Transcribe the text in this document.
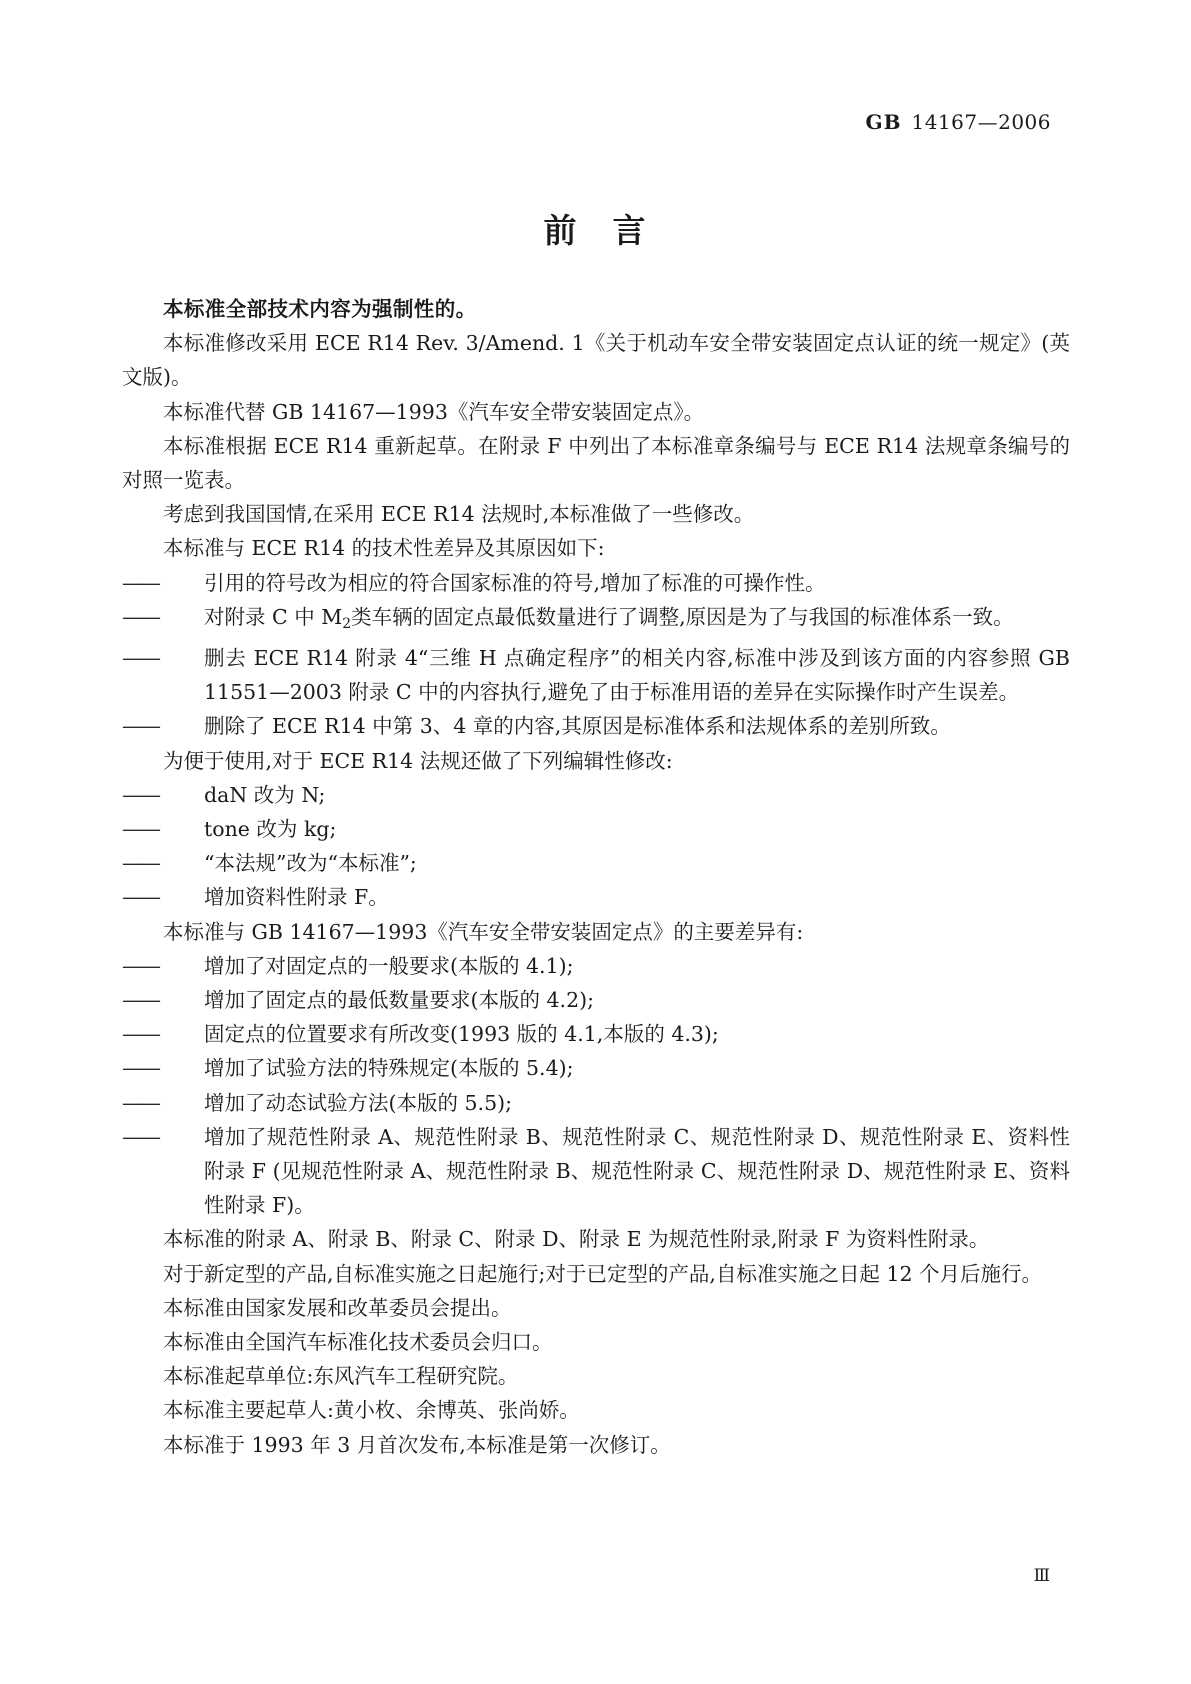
GB 14167—2006
前 言

本标准全部技术内容为强制性的。

本标准修改采用 ECE R14 Rev. 3/Amend. 1《关于机动车安全带安装固定点认证的统一规定》(英文版)。

本标准代替 GB 14167—1993《汽车安全带安装固定点》。

本标准根据 ECE R14 重新起草。在附录 F 中列出了本标准章条编号与 ECE R14 法规章条编号的对照一览表。

考虑到我国国情,在采用 ECE R14 法规时,本标准做了一些修改。

本标准与 ECE R14 的技术性差异及其原因如下:

——	引用的符号改为相应的符合国家标准的符号,增加了标准的可操作性。

——	对附录 C 中 $M_2$类车辆的固定点最低数量进行了调整,原因是为了与我国的标准体系一致。

——	删去 ECE R14 附录 4“三维 H 点确定程序”的相关内容,标准中涉及到该方面的内容参照 GB 11551—2003 附录 C 中的内容执行,避免了由于标准用语的差异在实际操作时产生误差。

——	删除了 ECE R14 中第 3、4 章的内容,其原因是标准体系和法规体系的差别所致。

为便于使用,对于 ECE R14 法规还做了下列编辑性修改:

——	daN 改为 N;

——	tone 改为 kg;

——	“本法规”改为“本标准”;

——	增加资料性附录 F。

本标准与 GB 14167—1993《汽车安全带安装固定点》的主要差异有:

——	增加了对固定点的一般要求(本版的 4.1);

——	增加了固定点的最低数量要求(本版的 4.2);

——	固定点的位置要求有所改变(1993 版的 4.1,本版的 4.3);

——	增加了试验方法的特殊规定(本版的 5.4);

——	增加了动态试验方法(本版的 5.5);

——	增加了规范性附录 A、规范性附录 B、规范性附录 C、规范性附录 D、规范性附录 E、资料性附录 F (见规范性附录 A、规范性附录 B、规范性附录 C、规范性附录 D、规范性附录 E、资料性附录 F)。

本标准的附录 A、附录 B、附录 C、附录 D、附录 E 为规范性附录,附录 F 为资料性附录。

对于新定型的产品,自标准实施之日起施行;对于已定型的产品,自标准实施之日起 12 个月后施行。

本标准由国家发展和改革委员会提出。

本标准由全国汽车标准化技术委员会归口。

本标准起草单位:东风汽车工程研究院。

本标准主要起草人:黄小枚、余博英、张尚娇。

本标准于 1993 年 3 月首次发布,本标准是第一次修订。

Ⅲ
